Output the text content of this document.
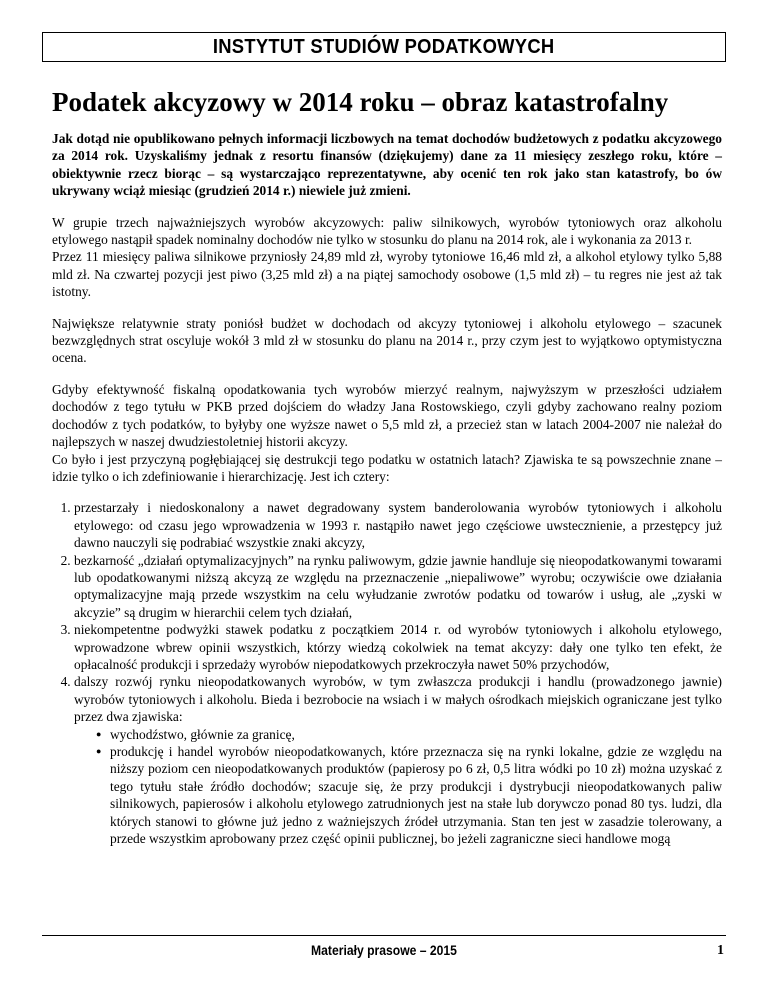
INSTYTUT STUDIÓW PODATKOWYCH
Podatek akcyzowy w 2014 roku – obraz katastrofalny

Jak dotąd nie opublikowano pełnych informacji liczbowych na temat dochodów budżetowych z podatku akcyzowego za 2014 rok. Uzyskaliśmy jednak z resortu finansów (dziękujemy) dane za 11 miesięcy zeszłego roku, które – obiektywnie rzecz biorąc – są wystarczająco reprezentatywne, aby ocenić ten rok jako stan katastrofy, bo ów ukrywany wciąż miesiąc (grudzień 2014 r.) niewiele już zmieni.

W grupie trzech najważniejszych wyrobów akcyzowych: paliw silnikowych, wyrobów tytoniowych oraz alkoholu etylowego nastąpił spadek nominalny dochodów nie tylko w stosunku do planu na 2014 rok, ale i wykonania za 2013 r.

Przez 11 miesięcy paliwa silnikowe przyniosły 24,89 mld zł, wyroby tytoniowe 16,46 mld zł, a alkohol etylowy tylko 5,88 mld zł. Na czwartej pozycji jest piwo (3,25 mld zł) a na piątej samochody osobowe (1,5 mld zł) – tu regres nie jest aż tak istotny.

Największe relatywnie straty poniósł budżet w dochodach od akcyzy tytoniowej i alkoholu etylowego – szacunek bezwzględnych strat oscyluje wokół 3 mld zł w stosunku do planu na 2014 r., przy czym jest to wyjątkowo optymistyczna ocena.

Gdyby efektywność fiskalną opodatkowania tych wyrobów mierzyć realnym, najwyższym w przeszłości udziałem dochodów z tego tytułu w PKB przed dojściem do władzy Jana Rostowskiego, czyli gdyby zachowano realny poziom dochodów z tych podatków, to byłyby one wyższe nawet o 5,5 mld zł, a przecież stan w latach 2004-2007 nie należał do najlepszych w naszej dwudziestoletniej historii akcyzy.

Co było i jest przyczyną pogłębiającej się destrukcji tego podatku w ostatnich latach? Zjawiska te są powszechnie znane – idzie tylko o ich zdefiniowanie i hierarchizację. Jest ich cztery:

1. przestarzały i niedoskonalony a nawet degradowany system banderolowania wyrobów tytoniowych i alkoholu etylowego: od czasu jego wprowadzenia w 1993 r. nastąpiło nawet jego częściowe uwstecznienie, a przestępcy już dawno nauczyli się podrabiać wszystkie znaki akcyzy,
2. bezkarność „działań optymalizacyjnych” na rynku paliwowym, gdzie jawnie handluje się nieopodatkowanymi towarami lub opodatkowanymi niższą akcyzą ze względu na przeznaczenie „niepaliwowe” wyrobu; oczywiście owe działania optymalizacyjne mają przede wszystkim na celu wyłudzanie zwrotów podatku od towarów i usług, ale „zyski w akcyzie” są drugim w hierarchii celem tych działań,
3. niekompetentne podwyżki stawek podatku z początkiem 2014 r. od wyrobów tytoniowych i alkoholu etylowego, wprowadzone wbrew opinii wszystkich, którzy wiedzą cokolwiek na temat akcyzy: dały one tylko ten efekt, że opłacalność produkcji i sprzedaży wyrobów niepodatkowych przekroczyła nawet 50% przychodów,
4. dalszy rozwój rynku nieopodatkowanych wyrobów, w tym zwłaszcza produkcji i handlu (prowadzonego jawnie) wyrobów tytoniowych i alkoholu. Bieda i bezrobocie na wsiach i w małych ośrodkach miejskich ograniczane jest tylko przez dwa zjawiska:
● wychodźstwo, głównie za granicę,
● produkcję i handel wyrobów nieopodatkowanych, które przeznacza się na rynki lokalne, gdzie ze względu na niższy poziom cen nieopodatkowanych produktów (papierosy po 6 zł, 0,5 litra wódki po 10 zł) można uzyskać z tego tytułu stałe źródło dochodów; szacuje się, że przy produkcji i dystrybucji nieopodatkowanych paliw silnikowych, papierosów i alkoholu etylowego zatrudnionych jest na stałe lub dorywczo ponad 80 tys. ludzi, dla których stanowi to główne już jedno z ważniejszych źródeł utrzymania. Stan ten jest w zasadzie tolerowany, a przede wszystkim aprobowany przez część opinii publicznej, bo jeżeli zagraniczne sieci handlowe mogą
Materiały prasowe – 2015	1
